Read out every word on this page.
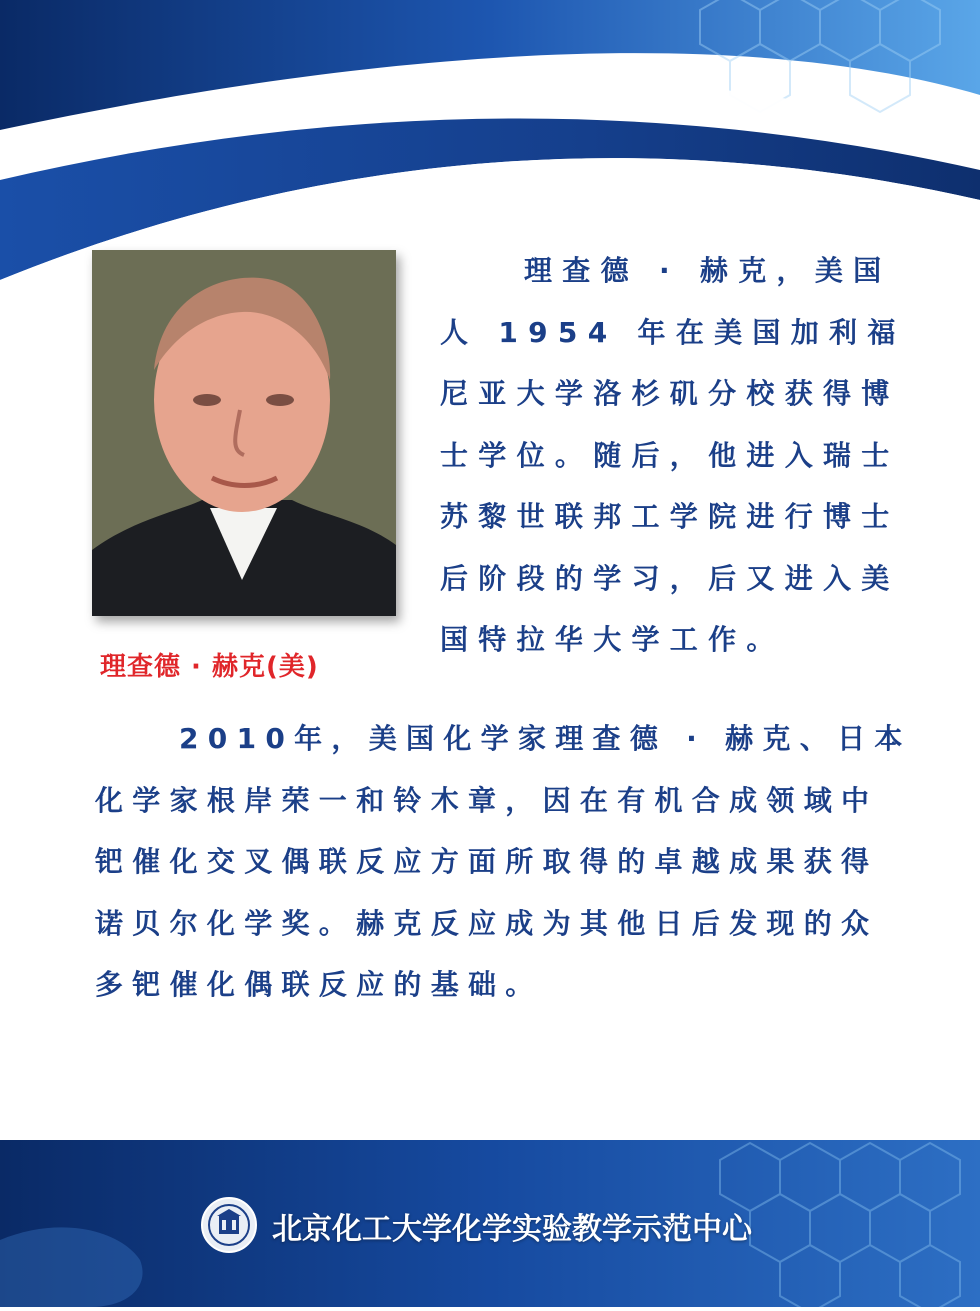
理查德 · 赫克(美)

理查德 · 赫克，美国人 1954 年在美国加利福尼亚大学洛杉矶分校获得博士学位。随后，他进入瑞士苏黎世联邦工学院进行博士后阶段的学习，后又进入美国特拉华大学工作。

2010年，美国化学家理查德 · 赫克、日本化学家根岸荣一和铃木章，因在有机合成领域中钯催化交叉偶联反应方面所取得的卓越成果获得诺贝尔化学奖。赫克反应成为其他日后发现的众多钯催化偶联反应的基础。

北京化工大学化学实验教学示范中心
